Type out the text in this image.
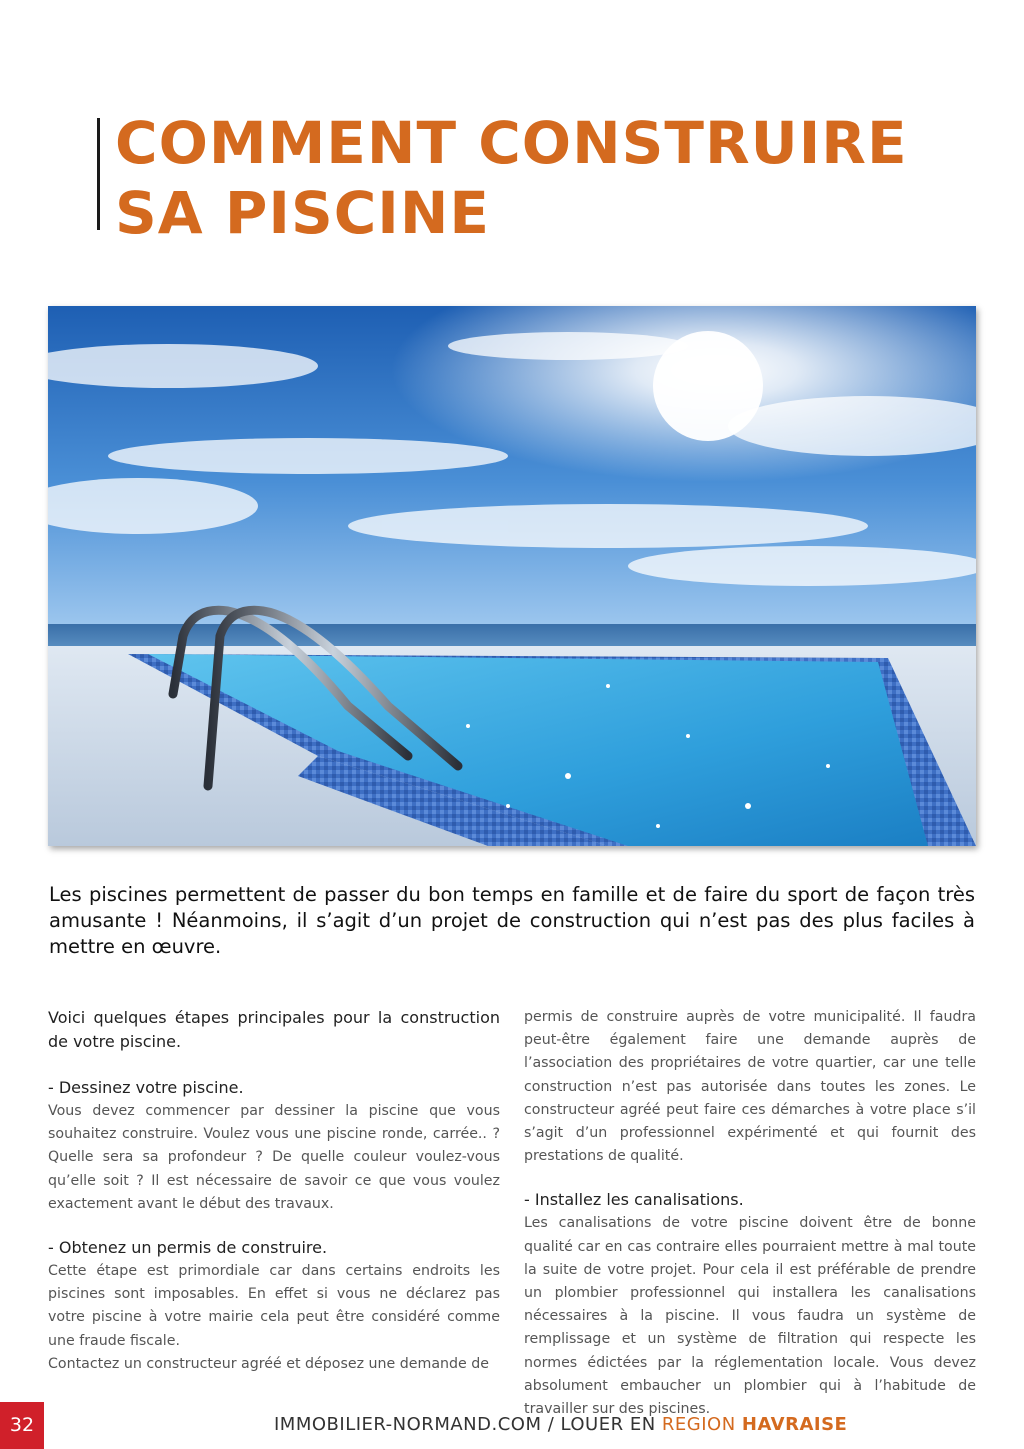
COMMENT CONSTRUIRE
SA PISCINE

Les piscines permettent de passer du bon temps en famille et de faire du sport de façon très amusante ! Néanmoins, il s’agit d’un projet de construction qui n’est pas des plus faciles à mettre en œuvre.

Voici quelques étapes principales pour la construction de votre piscine.

- Dessinez votre piscine.

Vous devez commencer par dessiner la piscine que vous souhaitez construire. Voulez vous une piscine ronde, carrée.. ? Quelle sera sa profondeur ? De quelle couleur voulez-vous qu’elle soit ? Il est nécessaire de savoir ce que vous voulez exactement avant le début des travaux.

- Obtenez un permis de construire.

Cette étape est primordiale car dans certains endroits les piscines sont imposables. En effet si vous ne déclarez pas votre piscine à votre mairie cela peut être considéré comme une fraude fiscale.

Contactez un constructeur agréé et déposez une demande de

permis de construire auprès de votre municipalité. Il faudra peut-être également faire une demande auprès de l’association des propriétaires de votre quartier, car une telle construction n’est pas autorisée dans toutes les zones. Le constructeur agréé peut faire ces démarches à votre place s’il s’agit d’un professionnel expérimenté et qui fournit des prestations de qualité.

- Installez les canalisations.

Les canalisations de votre piscine doivent être de bonne qualité car en cas contraire elles pourraient mettre à mal toute la suite de votre projet. Pour cela il est préférable de prendre un plombier professionnel qui installera les canalisations nécessaires à la piscine. Il vous faudra un système de remplissage et un système de filtration qui respecte les normes édictées par la réglementation locale. Vous devez absolument embaucher un plombier qui à l’habitude de travailler sur des piscines.

32	IMMOBILIER-NORMAND.COM / LOUER EN REGION HAVRAISE
